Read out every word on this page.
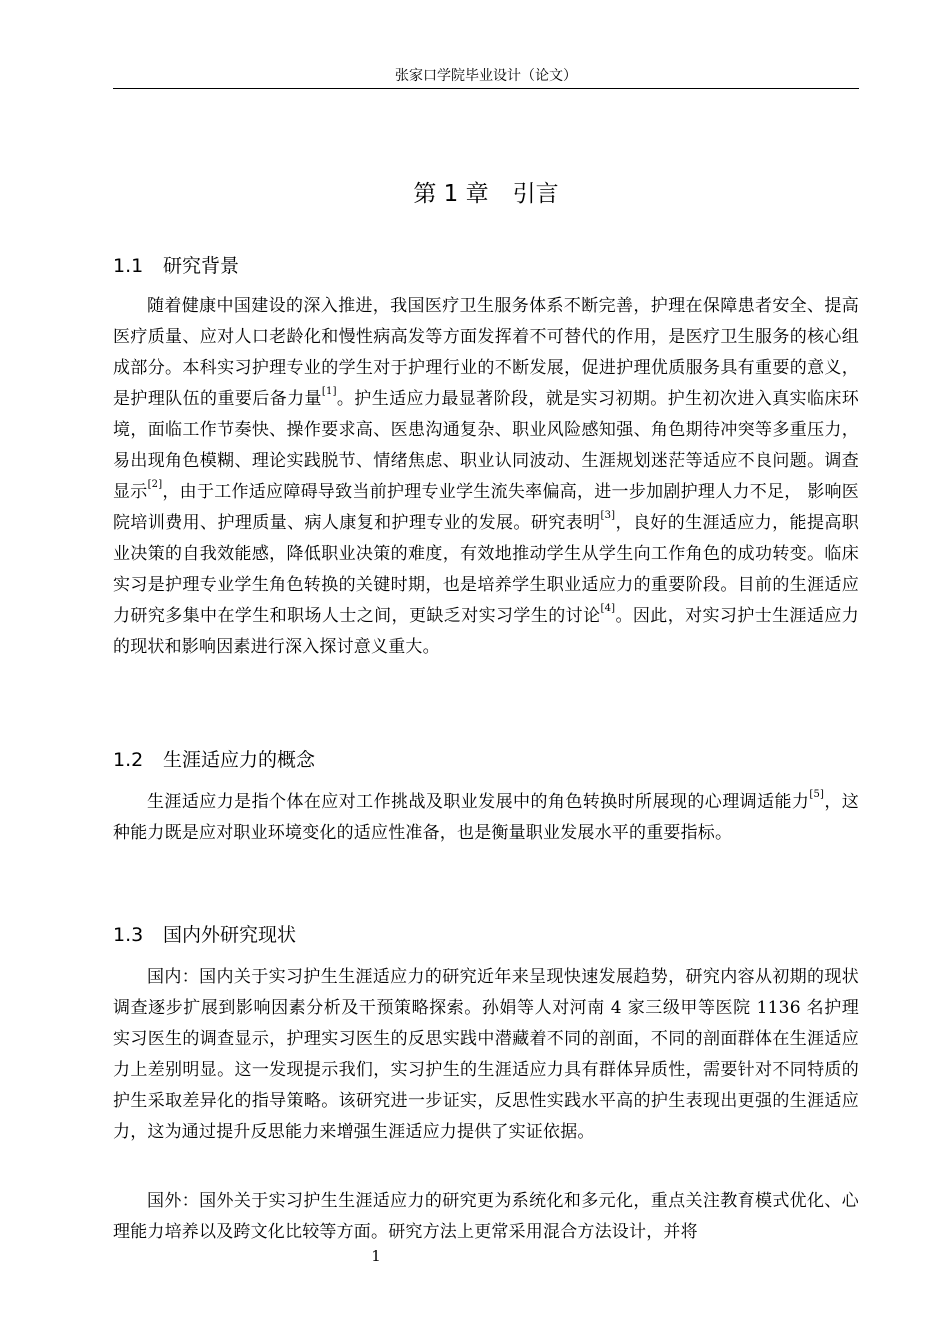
张家口学院毕业设计（论文）
第 1 章 引言
1.1 研究背景

随着健康中国建设的深入推进，我国医疗卫生服务体系不断完善，护理在保障患者安全、提高医疗质量、应对人口老龄化和慢性病高发等方面发挥着不可替代的作用，是医疗卫生服务的核心组成部分。本科实习护理专业的学生对于护理行业的不断发展，促进护理优质服务具有重要的意义，是护理队伍的重要后备力量[1]。护生适应力最显著阶段，就是实习初期。护生初次进入真实临床环境，面临工作节奏快、操作要求高、医患沟通复杂、职业风险感知强、角色期待冲突等多重压力，易出现角色模糊、理论实践脱节、情绪焦虑、职业认同波动、生涯规划迷茫等适应不良问题。调查显示[2]，由于工作适应障碍导致当前护理专业学生流失率偏高，进一步加剧护理人力不足， 影响医院培训费用、护理质量、病人康复和护理专业的发展。研究表明[3]，良好的生涯适应力，能提高职业决策的自我效能感，降低职业决策的难度，有效地推动学生从学生向工作角色的成功转变。临床实习是护理专业学生角色转换的关键时期，也是培养学生职业适应力的重要阶段。目前的生涯适应力研究多集中在学生和职场人士之间，更缺乏对实习学生的讨论[4]。因此，对实习护士生涯适应力的现状和影响因素进行深入探讨意义重大。

1.2 生涯适应力的概念

生涯适应力是指个体在应对工作挑战及职业发展中的角色转换时所展现的心理调适能力[5]，这种能力既是应对职业环境变化的适应性准备，也是衡量职业发展水平的重要指标。

1.3 国内外研究现状

国内：国内关于实习护生生涯适应力的研究近年来呈现快速发展趋势，研究内容从初期的现状调查逐步扩展到影响因素分析及干预策略探索。孙娟等人对河南 4 家三级甲等医院 1136 名护理实习医生的调查显示，护理实习医生的反思实践中潜藏着不同的剖面，不同的剖面群体在生涯适应力上差别明显。这一发现提示我们，实习护生的生涯适应力具有群体异质性，需要针对不同特质的护生采取差异化的指导策略。该研究进一步证实，反思性实践水平高的护生表现出更强的生涯适应力，这为通过提升反思能力来增强生涯适应力提供了实证依据。

国外：国外关于实习护生生涯适应力的研究更为系统化和多元化，重点关注教育模式优化、心理能力培养以及跨文化比较等方面。研究方法上更常采用混合方法设计，并将

1
